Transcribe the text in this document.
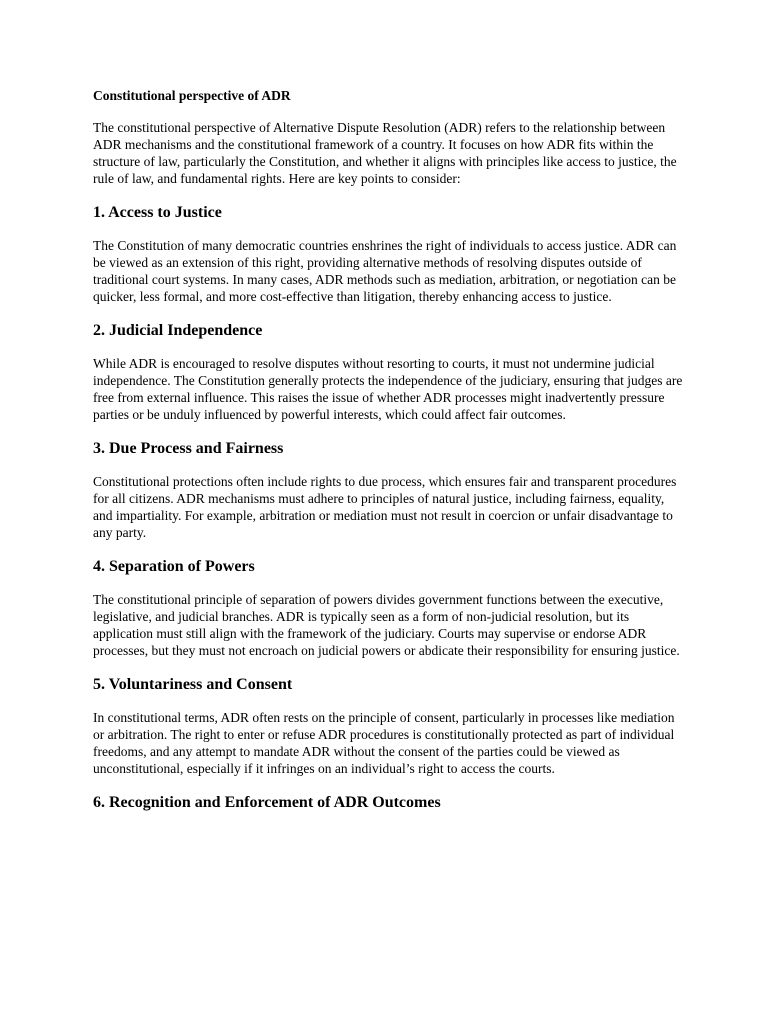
Constitutional perspective of ADR

The constitutional perspective of Alternative Dispute Resolution (ADR) refers to the relationship between ADR mechanisms and the constitutional framework of a country. It focuses on how ADR fits within the structure of law, particularly the Constitution, and whether it aligns with principles like access to justice, the rule of law, and fundamental rights. Here are key points to consider:

1. Access to Justice

The Constitution of many democratic countries enshrines the right of individuals to access justice. ADR can be viewed as an extension of this right, providing alternative methods of resolving disputes outside of traditional court systems. In many cases, ADR methods such as mediation, arbitration, or negotiation can be quicker, less formal, and more cost-effective than litigation, thereby enhancing access to justice.

2. Judicial Independence

While ADR is encouraged to resolve disputes without resorting to courts, it must not undermine judicial independence. The Constitution generally protects the independence of the judiciary, ensuring that judges are free from external influence. This raises the issue of whether ADR processes might inadvertently pressure parties or be unduly influenced by powerful interests, which could affect fair outcomes.

3. Due Process and Fairness

Constitutional protections often include rights to due process, which ensures fair and transparent procedures for all citizens. ADR mechanisms must adhere to principles of natural justice, including fairness, equality, and impartiality. For example, arbitration or mediation must not result in coercion or unfair disadvantage to any party.

4. Separation of Powers

The constitutional principle of separation of powers divides government functions between the executive, legislative, and judicial branches. ADR is typically seen as a form of non-judicial resolution, but its application must still align with the framework of the judiciary. Courts may supervise or endorse ADR processes, but they must not encroach on judicial powers or abdicate their responsibility for ensuring justice.

5. Voluntariness and Consent

In constitutional terms, ADR often rests on the principle of consent, particularly in processes like mediation or arbitration. The right to enter or refuse ADR procedures is constitutionally protected as part of individual freedoms, and any attempt to mandate ADR without the consent of the parties could be viewed as unconstitutional, especially if it infringes on an individual’s right to access the courts.

6. Recognition and Enforcement of ADR Outcomes
